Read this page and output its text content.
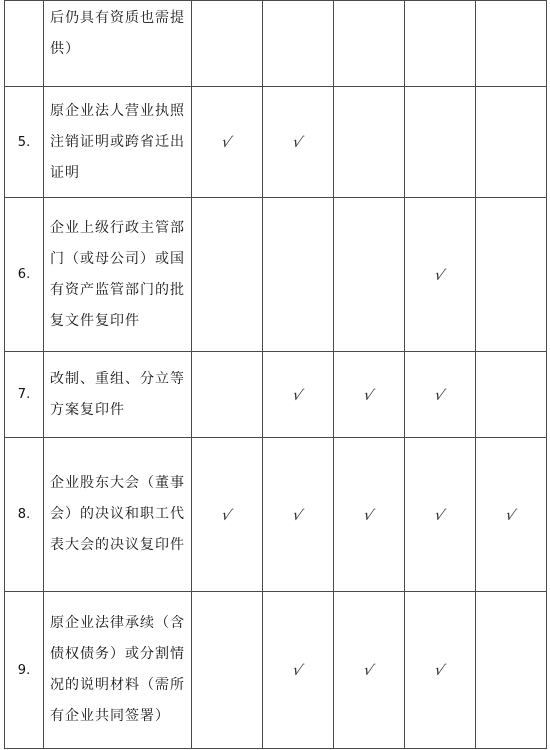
	后仍具有资质也需提供）					
5.	原企业法人营业执照注销证明或跨省迁出证明	√	√			
6.	企业上级行政主管部门（或母公司）或国有资产监管部门的批复文件复印件				√	
7.	改制、重组、分立等方案复印件		√	√	√	
8.	企业股东大会（董事会）的决议和职工代表大会的决议复印件	√	√	√	√	√
9.	原企业法律承续（含债权债务）或分割情况的说明材料（需所有企业共同签署）		√	√	√	
